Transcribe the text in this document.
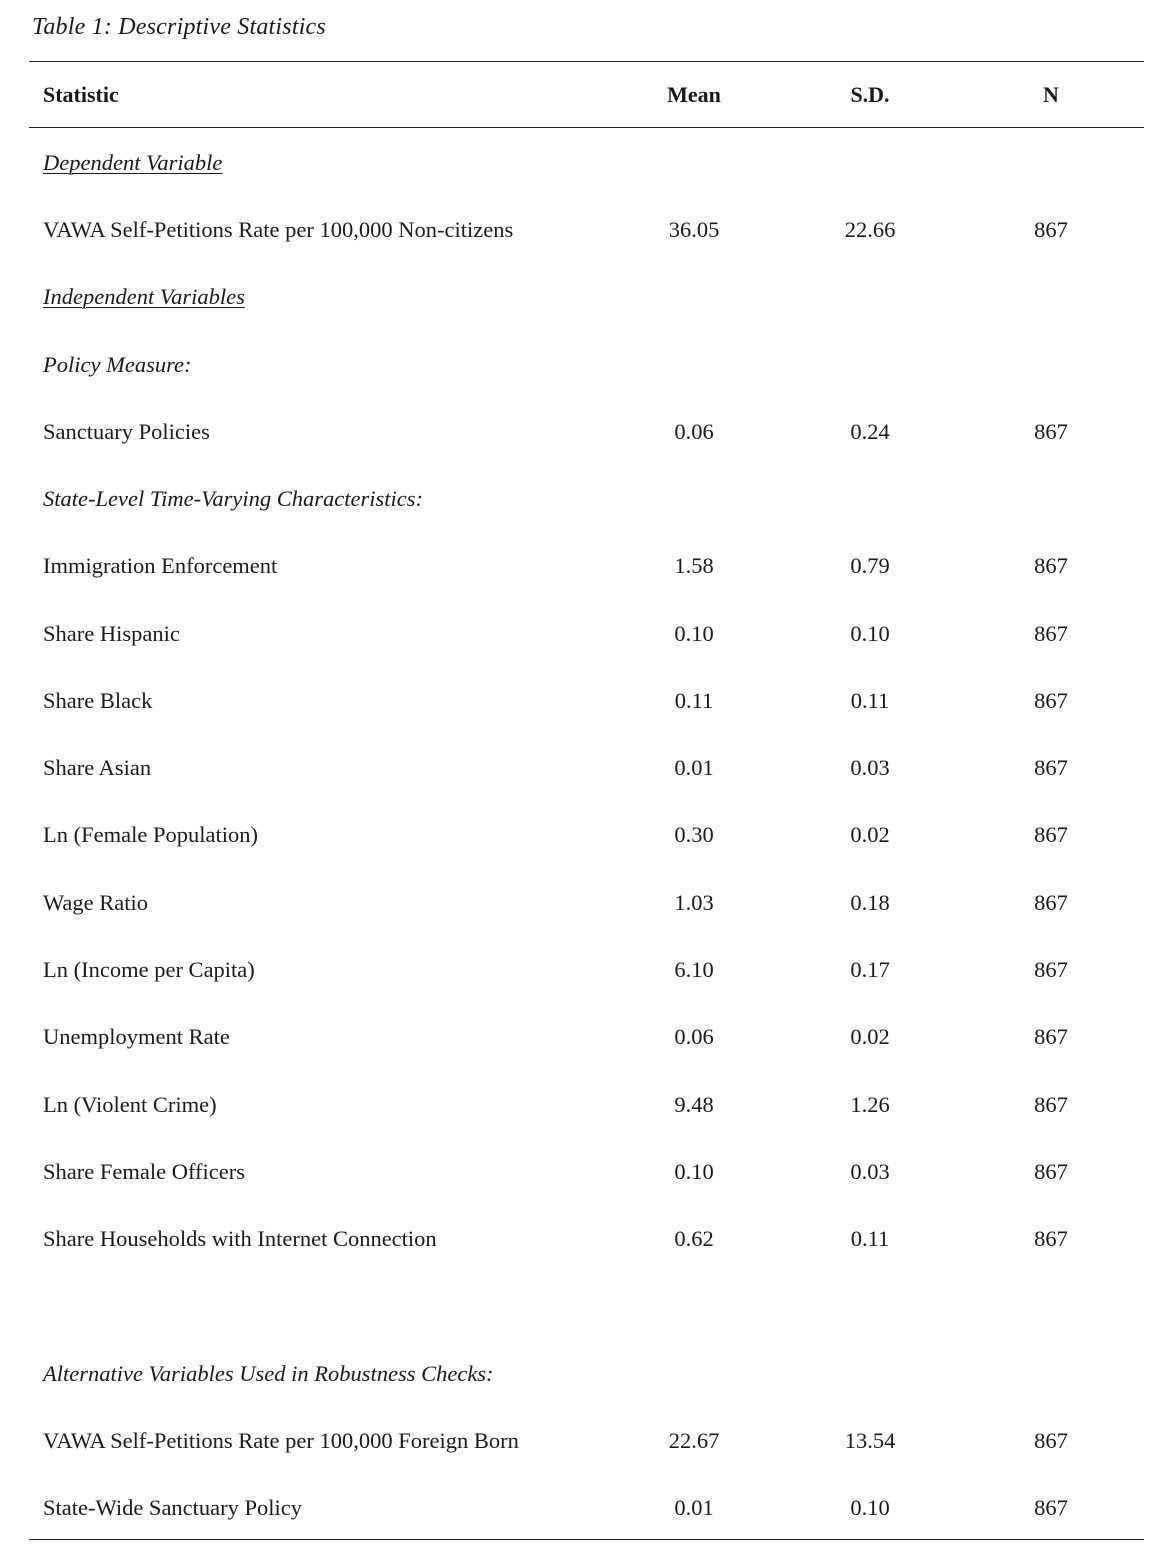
Table 1: Descriptive Statistics
Statistic	Mean	S.D.	N
Dependent Variable
VAWA Self-Petitions Rate per 100,000 Non-citizens	36.05	22.66	867
Independent Variables
Policy Measure:
Sanctuary Policies	0.06	0.24	867
State-Level Time-Varying Characteristics:
Immigration Enforcement	1.58	0.79	867
Share Hispanic	0.10	0.10	867
Share Black	0.11	0.11	867
Share Asian	0.01	0.03	867
Ln (Female Population)	0.30	0.02	867
Wage Ratio	1.03	0.18	867
Ln (Income per Capita)	6.10	0.17	867
Unemployment Rate	0.06	0.02	867
Ln (Violent Crime)	9.48	1.26	867
Share Female Officers	0.10	0.03	867
Share Households with Internet Connection	0.62	0.11	867
Alternative Variables Used in Robustness Checks:
VAWA Self-Petitions Rate per 100,000 Foreign Born	22.67	13.54	867
State-Wide Sanctuary Policy	0.01	0.10	867
